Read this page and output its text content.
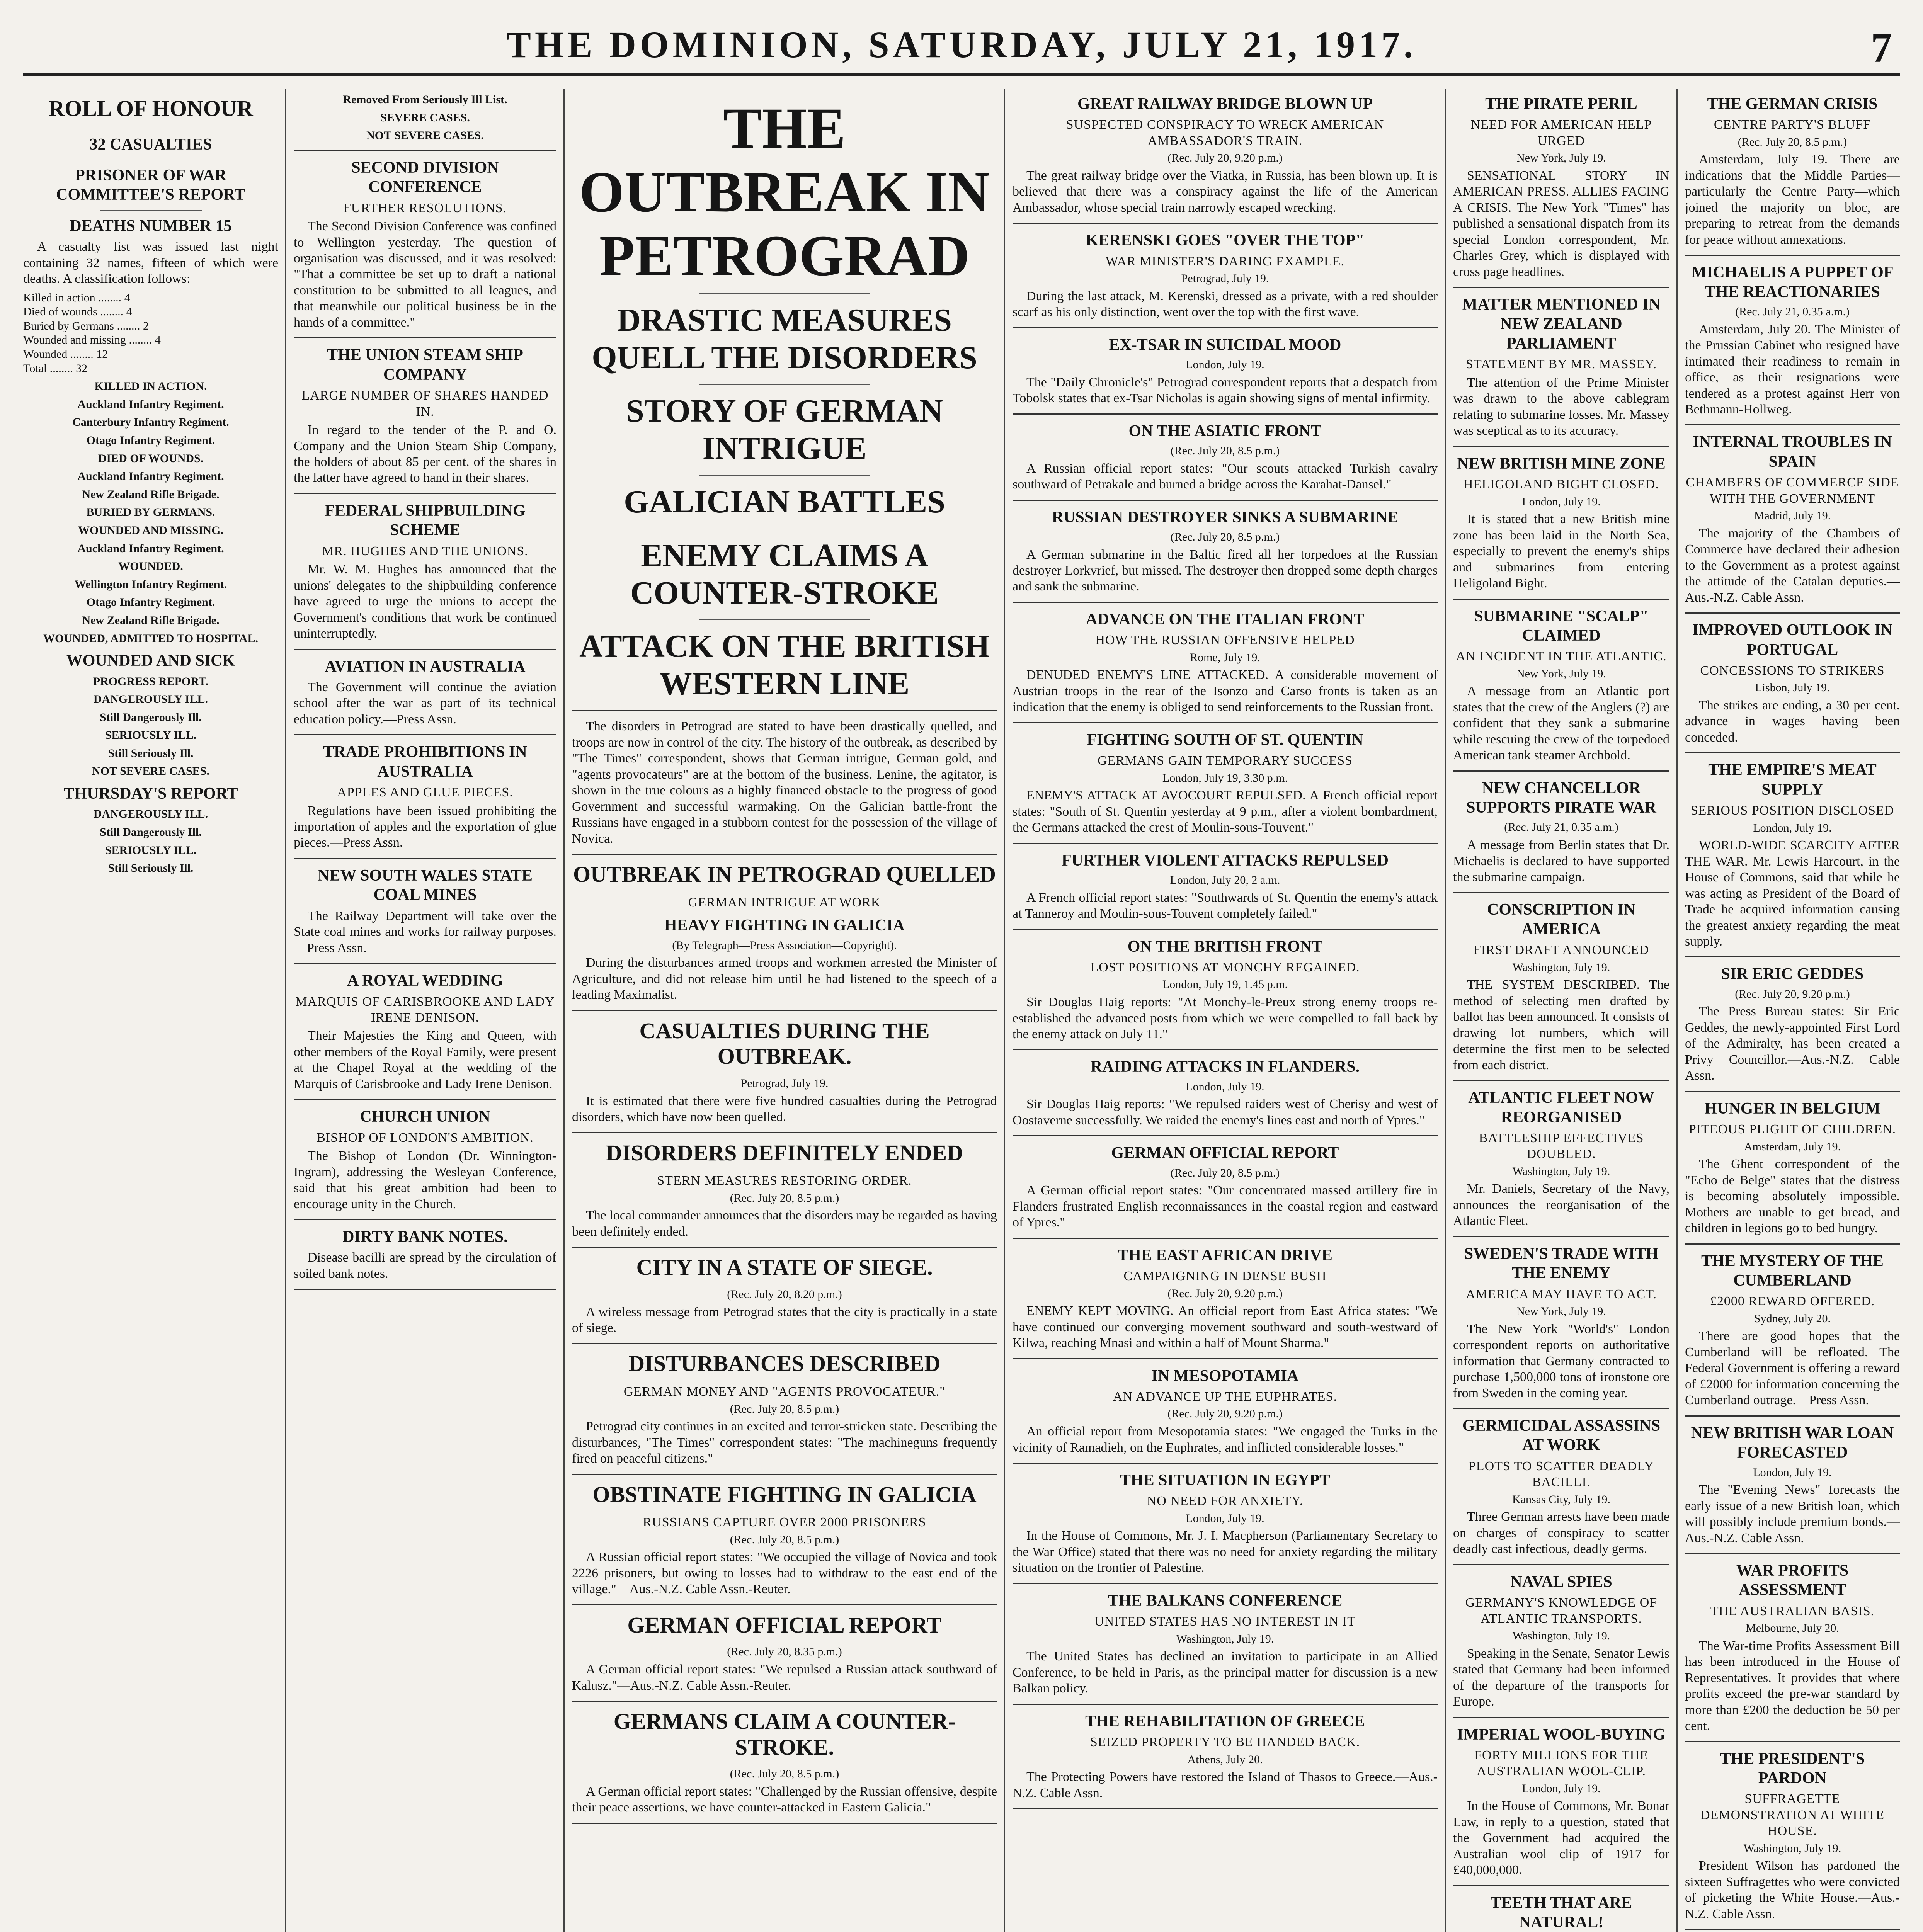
THE DOMINION, SATURDAY, JULY 21, 1917.	7
ROLL OF HONOUR
32 CASUALTIES
PRISONER OF WAR COMMITTEE'S REPORT
DEATHS NUMBER 15

A casualty list was issued last night containing 32 names, fifteen of which were deaths. A classification follows:

Killed in action ........ 4

Died of wounds ........ 4

Buried by Germans ........ 2

Wounded and missing ........ 4

Wounded ........ 12

Total ........ 32

KILLED IN ACTION.
Auckland Infantry Regiment.
Canterbury Infantry Regiment.
Otago Infantry Regiment.
DIED OF WOUNDS.
Auckland Infantry Regiment.
New Zealand Rifle Brigade.
BURIED BY GERMANS.
WOUNDED AND MISSING.
Auckland Infantry Regiment.
WOUNDED.
Wellington Infantry Regiment.
Otago Infantry Regiment.
New Zealand Rifle Brigade.
WOUNDED, ADMITTED TO HOSPITAL.
WOUNDED AND SICK
PROGRESS REPORT.
DANGEROUSLY ILL.
Still Dangerously Ill.
SERIOUSLY ILL.
Still Seriously Ill.
NOT SEVERE CASES.
THURSDAY'S REPORT
DANGEROUSLY ILL.
Still Dangerously Ill.
SERIOUSLY ILL.
Still Seriously Ill.
Removed From Seriously Ill List.
SEVERE CASES.
NOT SEVERE CASES.
SECOND DIVISION CONFERENCE
FURTHER RESOLUTIONS.

The Second Division Conference was confined to Wellington yesterday. The question of organisation was discussed, and it was resolved: "That a committee be set up to draft a national constitution to be submitted to all leagues, and that meanwhile our political business be in the hands of a committee."

THE UNION STEAM SHIP COMPANY
LARGE NUMBER OF SHARES HANDED IN.

In regard to the tender of the P. and O. Company and the Union Steam Ship Company, the holders of about 85 per cent. of the shares in the latter have agreed to hand in their shares.

FEDERAL SHIPBUILDING SCHEME
MR. HUGHES AND THE UNIONS.

Mr. W. M. Hughes has announced that the unions' delegates to the shipbuilding conference have agreed to urge the unions to accept the Government's conditions that work be continued uninterruptedly.

AVIATION IN AUSTRALIA

The Government will continue the aviation school after the war as part of its technical education policy.—Press Assn.

TRADE PROHIBITIONS IN AUSTRALIA
APPLES AND GLUE PIECES.

Regulations have been issued prohibiting the importation of apples and the exportation of glue pieces.—Press Assn.

NEW SOUTH WALES STATE COAL MINES

The Railway Department will take over the State coal mines and works for railway purposes.—Press Assn.

A ROYAL WEDDING
MARQUIS OF CARISBROOKE AND LADY IRENE DENISON.

Their Majesties the King and Queen, with other members of the Royal Family, were present at the Chapel Royal at the wedding of the Marquis of Carisbrooke and Lady Irene Denison.

CHURCH UNION
BISHOP OF LONDON'S AMBITION.

The Bishop of London (Dr. Winnington-Ingram), addressing the Wesleyan Conference, said that his great ambition had been to encourage unity in the Church.

DIRTY BANK NOTES.

Disease bacilli are spread by the circulation of soiled bank notes.

THE OUTBREAK IN PETROGRAD
DRASTIC MEASURES QUELL THE DISORDERS
STORY OF GERMAN INTRIGUE
GALICIAN BATTLES
ENEMY CLAIMS A COUNTER-STROKE
ATTACK ON THE BRITISH WESTERN LINE

The disorders in Petrograd are stated to have been drastically quelled, and troops are now in control of the city. The history of the outbreak, as described by "The Times" correspondent, shows that German intrigue, German gold, and "agents provocateurs" are at the bottom of the business. Lenine, the agitator, is shown in the true colours as a highly financed obstacle to the progress of good Government and successful warmaking. On the Galician battle-front the Russians have engaged in a stubborn contest for the possession of the village of Novica.

OUTBREAK IN PETROGRAD QUELLED
GERMAN INTRIGUE AT WORK
HEAVY FIGHTING IN GALICIA
(By Telegraph—Press Association—Copyright).

During the disturbances armed troops and workmen arrested the Minister of Agriculture, and did not release him until he had listened to the speech of a leading Maximalist.

CASUALTIES DURING THE OUTBREAK.
Petrograd, July 19.

It is estimated that there were five hundred casualties during the Petrograd disorders, which have now been quelled.

DISORDERS DEFINITELY ENDED
STERN MEASURES RESTORING ORDER.
(Rec. July 20, 8.5 p.m.)

The local commander announces that the disorders may be regarded as having been definitely ended.

CITY IN A STATE OF SIEGE.
(Rec. July 20, 8.20 p.m.)

A wireless message from Petrograd states that the city is practically in a state of siege.

DISTURBANCES DESCRIBED
GERMAN MONEY AND "AGENTS PROVOCATEUR."
(Rec. July 20, 8.5 p.m.)

Petrograd city continues in an excited and terror-stricken state. Describing the disturbances, "The Times" correspondent states: "The machineguns frequently fired on peaceful citizens."

OBSTINATE FIGHTING IN GALICIA
RUSSIANS CAPTURE OVER 2000 PRISONERS
(Rec. July 20, 8.5 p.m.)

A Russian official report states: "We occupied the village of Novica and took 2226 prisoners, but owing to losses had to withdraw to the east end of the village."—Aus.-N.Z. Cable Assn.-Reuter.

GERMAN OFFICIAL REPORT
(Rec. July 20, 8.35 p.m.)

A German official report states: "We repulsed a Russian attack southward of Kalusz."—Aus.-N.Z. Cable Assn.-Reuter.

GERMANS CLAIM A COUNTER-STROKE.
(Rec. July 20, 8.5 p.m.)

A German official report states: "Challenged by the Russian offensive, despite their peace assertions, we have counter-attacked in Eastern Galicia."

GREAT RAILWAY BRIDGE BLOWN UP
SUSPECTED CONSPIRACY TO WRECK AMERICAN AMBASSADOR'S TRAIN.
(Rec. July 20, 9.20 p.m.)

The great railway bridge over the Viatka, in Russia, has been blown up. It is believed that there was a conspiracy against the life of the American Ambassador, whose special train narrowly escaped wrecking.

KERENSKI GOES "OVER THE TOP"
WAR MINISTER'S DARING EXAMPLE.
Petrograd, July 19.

During the last attack, M. Kerenski, dressed as a private, with a red shoulder scarf as his only distinction, went over the top with the first wave.

EX-TSAR IN SUICIDAL MOOD
London, July 19.

The "Daily Chronicle's" Petrograd correspondent reports that a despatch from Tobolsk states that ex-Tsar Nicholas is again showing signs of mental infirmity.

ON THE ASIATIC FRONT
(Rec. July 20, 8.5 p.m.)

A Russian official report states: "Our scouts attacked Turkish cavalry southward of Petrakale and burned a bridge across the Karahat-Dansel."

RUSSIAN DESTROYER SINKS A SUBMARINE
(Rec. July 20, 8.5 p.m.)

A German submarine in the Baltic fired all her torpedoes at the Russian destroyer Lorkvrief, but missed. The destroyer then dropped some depth charges and sank the submarine.

ADVANCE ON THE ITALIAN FRONT
HOW THE RUSSIAN OFFENSIVE HELPED
Rome, July 19.

DENUDED ENEMY'S LINE ATTACKED. A considerable movement of Austrian troops in the rear of the Isonzo and Carso fronts is taken as an indication that the enemy is obliged to send reinforcements to the Russian front.

FIGHTING SOUTH OF ST. QUENTIN
GERMANS GAIN TEMPORARY SUCCESS
London, July 19, 3.30 p.m.

ENEMY'S ATTACK AT AVOCOURT REPULSED. A French official report states: "South of St. Quentin yesterday at 9 p.m., after a violent bombardment, the Germans attacked the crest of Moulin-sous-Touvent."

FURTHER VIOLENT ATTACKS REPULSED
London, July 20, 2 a.m.

A French official report states: "Southwards of St. Quentin the enemy's attack at Tanneroy and Moulin-sous-Touvent completely failed."

ON THE BRITISH FRONT
LOST POSITIONS AT MONCHY REGAINED.
London, July 19, 1.45 p.m.

Sir Douglas Haig reports: "At Monchy-le-Preux strong enemy troops re-established the advanced posts from which we were compelled to fall back by the enemy attack on July 11."

RAIDING ATTACKS IN FLANDERS.
London, July 19.

Sir Douglas Haig reports: "We repulsed raiders west of Cherisy and west of Oostaverne successfully. We raided the enemy's lines east and north of Ypres."

GERMAN OFFICIAL REPORT
(Rec. July 20, 8.5 p.m.)

A German official report states: "Our concentrated massed artillery fire in Flanders frustrated English reconnaissances in the coastal region and eastward of Ypres."

THE EAST AFRICAN DRIVE
CAMPAIGNING IN DENSE BUSH
(Rec. July 20, 9.20 p.m.)

ENEMY KEPT MOVING. An official report from East Africa states: "We have continued our converging movement southward and south-westward of Kilwa, reaching Mnasi and within a half of Mount Sharma."

IN MESOPOTAMIA
AN ADVANCE UP THE EUPHRATES.
(Rec. July 20, 9.20 p.m.)

An official report from Mesopotamia states: "We engaged the Turks in the vicinity of Ramadieh, on the Euphrates, and inflicted considerable losses."

THE SITUATION IN EGYPT
NO NEED FOR ANXIETY.
London, July 19.

In the House of Commons, Mr. J. I. Macpherson (Parliamentary Secretary to the War Office) stated that there was no need for anxiety regarding the military situation on the frontier of Palestine.

THE BALKANS CONFERENCE
UNITED STATES HAS NO INTEREST IN IT
Washington, July 19.

The United States has declined an invitation to participate in an Allied Conference, to be held in Paris, as the principal matter for discussion is a new Balkan policy.

THE REHABILITATION OF GREECE
SEIZED PROPERTY TO BE HANDED BACK.
Athens, July 20.

The Protecting Powers have restored the Island of Thasos to Greece.—Aus.-N.Z. Cable Assn.

THE PIRATE PERIL
NEED FOR AMERICAN HELP URGED
New York, July 19.

SENSATIONAL STORY IN AMERICAN PRESS. ALLIES FACING A CRISIS. The New York "Times" has published a sensational dispatch from its special London correspondent, Mr. Charles Grey, which is displayed with cross page headlines.

MATTER MENTIONED IN NEW ZEALAND PARLIAMENT
STATEMENT BY MR. MASSEY.

The attention of the Prime Minister was drawn to the above cablegram relating to submarine losses. Mr. Massey was sceptical as to its accuracy.

NEW BRITISH MINE ZONE
HELIGOLAND BIGHT CLOSED.
London, July 19.

It is stated that a new British mine zone has been laid in the North Sea, especially to prevent the enemy's ships and submarines from entering Heligoland Bight.

SUBMARINE "SCALP" CLAIMED
AN INCIDENT IN THE ATLANTIC.
New York, July 19.

A message from an Atlantic port states that the crew of the Anglers (?) are confident that they sank a submarine while rescuing the crew of the torpedoed American tank steamer Archbold.

NEW CHANCELLOR SUPPORTS PIRATE WAR
(Rec. July 21, 0.35 a.m.)

A message from Berlin states that Dr. Michaelis is declared to have supported the submarine campaign.

CONSCRIPTION IN AMERICA
FIRST DRAFT ANNOUNCED
Washington, July 19.

THE SYSTEM DESCRIBED. The method of selecting men drafted by ballot has been announced. It consists of drawing lot numbers, which will determine the first men to be selected from each district.

ATLANTIC FLEET NOW REORGANISED
BATTLESHIP EFFECTIVES DOUBLED.
Washington, July 19.

Mr. Daniels, Secretary of the Navy, announces the reorganisation of the Atlantic Fleet.

SWEDEN'S TRADE WITH THE ENEMY
AMERICA MAY HAVE TO ACT.
New York, July 19.

The New York "World's" London correspondent reports on authoritative information that Germany contracted to purchase 1,500,000 tons of ironstone ore from Sweden in the coming year.

GERMICIDAL ASSASSINS AT WORK
PLOTS TO SCATTER DEADLY BACILLI.
Kansas City, July 19.

Three German arrests have been made on charges of conspiracy to scatter deadly cast infectious, deadly germs.

NAVAL SPIES
GERMANY'S KNOWLEDGE OF ATLANTIC TRANSPORTS.
Washington, July 19.

Speaking in the Senate, Senator Lewis stated that Germany had been informed of the departure of the transports for Europe.

IMPERIAL WOOL-BUYING
FORTY MILLIONS FOR THE AUSTRALIAN WOOL-CLIP.
London, July 19.

In the House of Commons, Mr. Bonar Law, in reply to a question, stated that the Government had acquired the Australian wool clip of 1917 for £40,000,000.

TEETH THAT ARE NATURAL!

THE GERMAN CRISIS
CENTRE PARTY'S BLUFF
(Rec. July 20, 8.5 p.m.)

Amsterdam, July 19. There are indications that the Middle Parties—particularly the Centre Party—which joined the majority on bloc, are preparing to retreat from the demands for peace without annexations.

MICHAELIS A PUPPET OF THE REACTIONARIES
(Rec. July 21, 0.35 a.m.)

Amsterdam, July 20. The Minister of the Prussian Cabinet who resigned have intimated their readiness to remain in office, as their resignations were tendered as a protest against Herr von Bethmann-Hollweg.

INTERNAL TROUBLES IN SPAIN
CHAMBERS OF COMMERCE SIDE WITH THE GOVERNMENT
Madrid, July 19.

The majority of the Chambers of Commerce have declared their adhesion to the Government as a protest against the attitude of the Catalan deputies.—Aus.-N.Z. Cable Assn.

IMPROVED OUTLOOK IN PORTUGAL
CONCESSIONS TO STRIKERS
Lisbon, July 19.

The strikes are ending, a 30 per cent. advance in wages having been conceded.

THE EMPIRE'S MEAT SUPPLY
SERIOUS POSITION DISCLOSED
London, July 19.

WORLD-WIDE SCARCITY AFTER THE WAR. Mr. Lewis Harcourt, in the House of Commons, said that while he was acting as President of the Board of Trade he acquired information causing the greatest anxiety regarding the meat supply.

SIR ERIC GEDDES
(Rec. July 20, 9.20 p.m.)

The Press Bureau states: Sir Eric Geddes, the newly-appointed First Lord of the Admiralty, has been created a Privy Councillor.—Aus.-N.Z. Cable Assn.

HUNGER IN BELGIUM
PITEOUS PLIGHT OF CHILDREN.
Amsterdam, July 19.

The Ghent correspondent of the "Echo de Belge" states that the distress is becoming absolutely impossible. Mothers are unable to get bread, and children in legions go to bed hungry.

THE MYSTERY OF THE CUMBERLAND
£2000 REWARD OFFERED.
Sydney, July 20.

There are good hopes that the Cumberland will be refloated. The Federal Government is offering a reward of £2000 for information concerning the Cumberland outrage.—Press Assn.

NEW BRITISH WAR LOAN FORECASTED
London, July 19.

The "Evening News" forecasts the early issue of a new British loan, which will possibly include premium bonds.—Aus.-N.Z. Cable Assn.

WAR PROFITS ASSESSMENT
THE AUSTRALIAN BASIS.
Melbourne, July 20.

The War-time Profits Assessment Bill has been introduced in the House of Representatives. It provides that where profits exceed the pre-war standard by more than £200 the deduction be 50 per cent.

THE PRESIDENT'S PARDON
SUFFRAGETTE DEMONSTRATION AT WHITE HOUSE.
Washington, July 19.

President Wilson has pardoned the sixteen Suffragettes who were convicted of picketing the White House.—Aus.-N.Z. Cable Assn.
